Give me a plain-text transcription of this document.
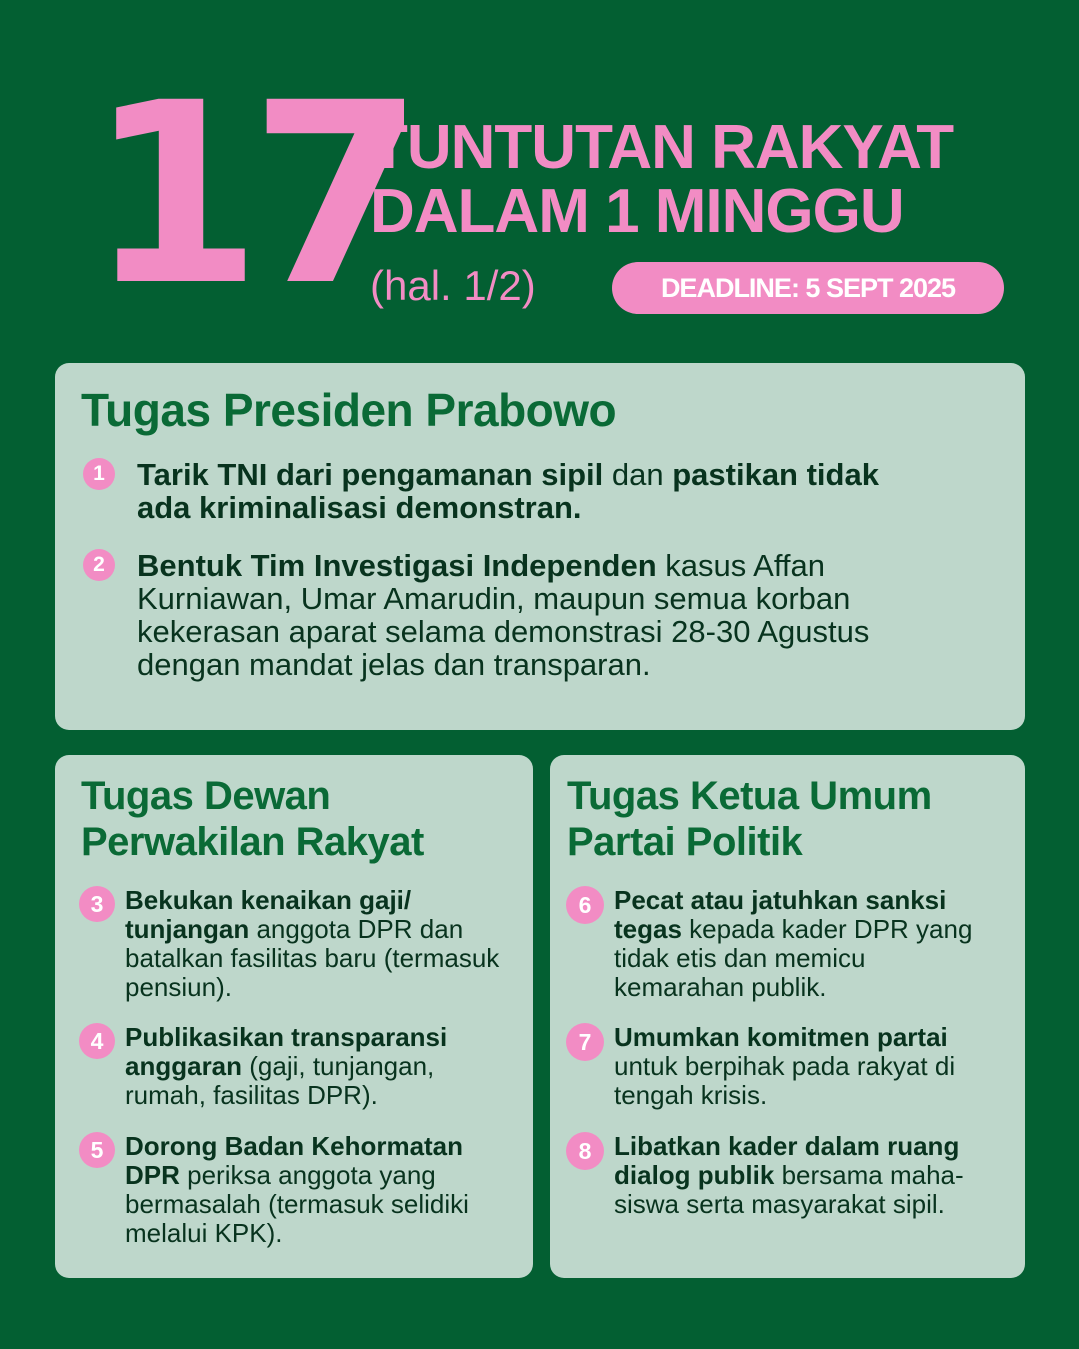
17
TUNTUTAN RAKYAT
DALAM 1 MINGGU
(hal. 1/2)	DEADLINE: 5 SEPT 2025
Tugas Presiden Prabowo
1	Tarik TNI dari pengamanan sipil dan pastikan tidak ada kriminalisasi demonstran.
2	Bentuk Tim Investigasi Independen kasus Affan Kurniawan, Umar Amarudin, maupun semua korban kekerasan aparat selama demonstrasi 28-30 Agustus dengan mandat jelas dan transparan.
Tugas Dewan
Perwakilan Rakyat
3 Bekukan kenaikan gaji/ tunjangan anggota DPR dan batalkan fasilitas baru (termasuk pensiun).
4 Publikasikan transparansi anggaran (gaji, tunjangan, rumah, fasilitas DPR).
5 Dorong Badan Kehormatan DPR periksa anggota yang bermasalah (termasuk selidiki melalui KPK).
Tugas Ketua Umum
Partai Politik
6 Pecat atau jatuhkan sanksi tegas kepada kader DPR yang tidak etis dan memicu kemarahan publik.
7 Umumkan komitmen partai untuk berpihak pada rakyat di tengah krisis.
8 Libatkan kader dalam ruang dialog publik bersama maha-siswa serta masyarakat sipil.
